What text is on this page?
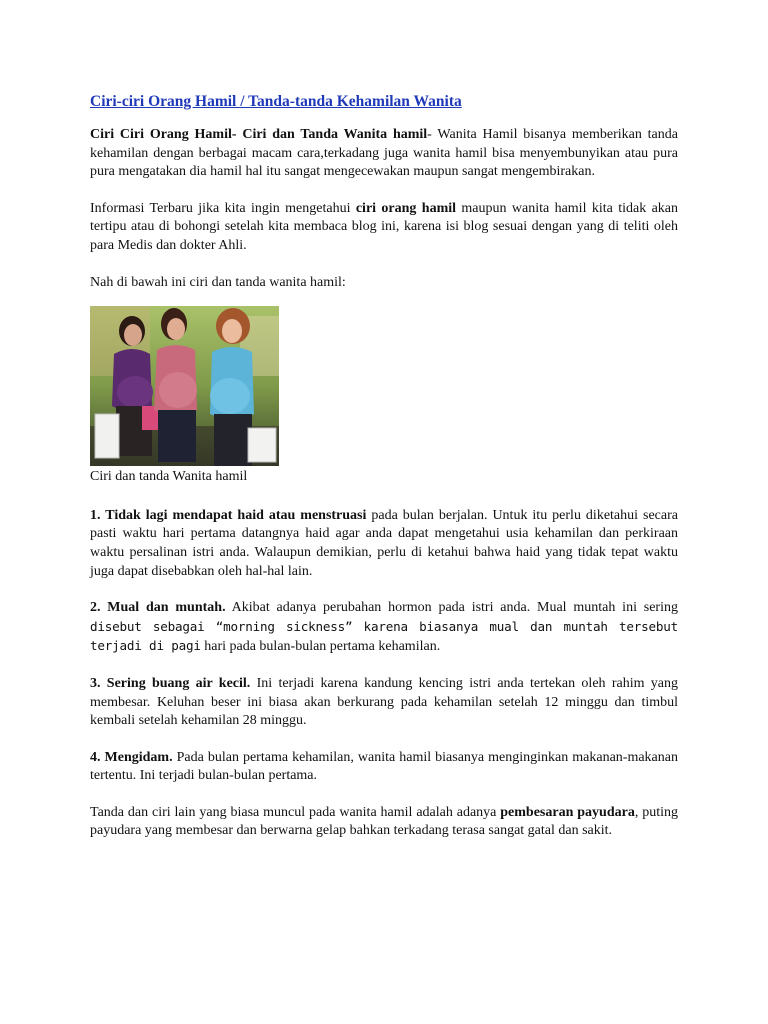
Ciri-ciri Orang Hamil / Tanda-tanda Kehamilan Wanita

Ciri Ciri Orang Hamil- Ciri dan Tanda Wanita hamil- Wanita Hamil bisanya memberikan tanda kehamilan dengan berbagai macam cara,terkadang juga wanita hamil bisa menyembunyikan atau pura pura mengatakan dia hamil hal itu sangat mengecewakan maupun sangat mengembirakan.

Informasi Terbaru jika kita ingin mengetahui ciri orang hamil maupun wanita hamil kita tidak akan tertipu atau di bohongi setelah kita membaca blog ini, karena isi blog sesuai dengan yang di teliti oleh para Medis dan dokter Ahli.

Nah di bawah ini ciri dan tanda wanita hamil:

Ciri dan tanda Wanita hamil

1. Tidak lagi mendapat haid atau menstruasi pada bulan berjalan. Untuk itu perlu diketahui secara pasti waktu hari pertama datangnya haid agar anda dapat mengetahui usia kehamilan dan perkiraan waktu persalinan istri anda. Walaupun demikian, perlu di ketahui bahwa haid yang tidak tepat waktu juga dapat disebabkan oleh hal-hal lain.

2. Mual dan muntah. Akibat adanya perubahan hormon pada istri anda. Mual muntah ini sering disebut sebagai “morning sickness” karena biasanya mual dan muntah tersebut terjadi di pagi hari pada bulan-bulan pertama kehamilan.

3. Sering buang air kecil. Ini terjadi karena kandung kencing istri anda tertekan oleh rahim yang membesar. Keluhan beser ini biasa akan berkurang pada kehamilan setelah 12 minggu dan timbul kembali setelah kehamilan 28 minggu.

4. Mengidam. Pada bulan pertama kehamilan, wanita hamil biasanya menginginkan makanan-makanan tertentu. Ini terjadi bulan-bulan pertama.

Tanda dan ciri lain yang biasa muncul pada wanita hamil adalah adanya pembesaran payudara, puting payudara yang membesar dan berwarna gelap bahkan terkadang terasa sangat gatal dan sakit.
